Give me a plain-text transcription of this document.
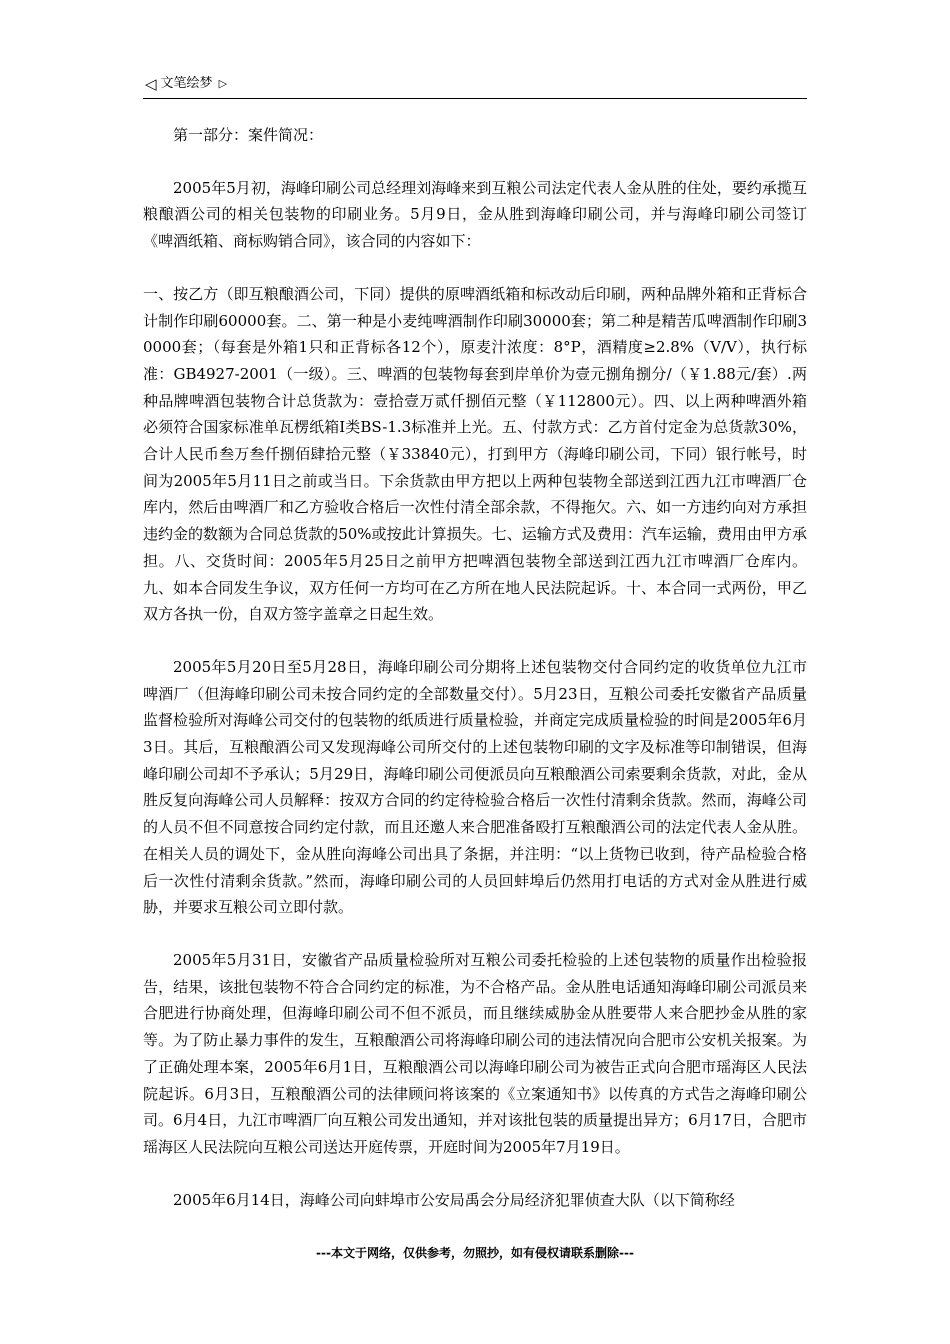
◁ 文笔绘梦 ▷

第一部分：案件简况：

2005年5月初，海峰印刷公司总经理刘海峰来到互粮公司法定代表人金从胜的住处，要约承揽互粮酿酒公司的相关包装物的印刷业务。5月9日，金从胜到海峰印刷公司，并与海峰印刷公司签订《啤酒纸箱、商标购销合同》，该合同的内容如下：

一、按乙方（即互粮酿酒公司，下同）提供的原啤酒纸箱和标改动后印刷，两种品牌外箱和正背标合计制作印刷60000套。二、第一种是小麦纯啤酒制作印刷30000套；第二种是精苦瓜啤酒制作印刷30000套；（每套是外箱1只和正背标各12个），原麦汁浓度：8°P，酒精度≥2.8%（V/V），执行标准：GB4927-2001（一级）。三、啤酒的包装物每套到岸单价为壹元捌角捌分/（￥1.88元/套）.两种品牌啤酒包装物合计总货款为：壹拾壹万贰仟捌佰元整（￥112800元）。四、以上两种啤酒外箱必须符合国家标准单瓦楞纸箱Ⅰ类BS-1.3标准并上光。五、付款方式：乙方首付定金为总货款30%，合计人民币叁万叁仟捌佰肆拾元整（￥33840元），打到甲方（海峰印刷公司，下同）银行帐号，时间为2005年5月11日之前或当日。下余货款由甲方把以上两种包装物全部送到江西九江市啤酒厂仓库内，然后由啤酒厂和乙方验收合格后一次性付清全部余款，不得拖欠。六、如一方违约向对方承担违约金的数额为合同总货款的50%或按此计算损失。七、运输方式及费用：汽车运输，费用由甲方承担。八、交货时间：2005年5月25日之前甲方把啤酒包装物全部送到江西九江市啤酒厂仓库内。九、如本合同发生争议，双方任何一方均可在乙方所在地人民法院起诉。十、本合同一式两份，甲乙双方各执一份，自双方签字盖章之日起生效。

2005年5月20日至5月28日，海峰印刷公司分期将上述包装物交付合同约定的收货单位九江市啤酒厂（但海峰印刷公司未按合同约定的全部数量交付）。5月23日，互粮公司委托安徽省产品质量监督检验所对海峰公司交付的包装物的纸质进行质量检验，并商定完成质量检验的时间是2005年6月3日。其后，互粮酿酒公司又发现海峰公司所交付的上述包装物印刷的文字及标准等印制错误，但海峰印刷公司却不予承认；5月29日，海峰印刷公司便派员向互粮酿酒公司索要剩余货款，对此，金从胜反复向海峰公司人员解释：按双方合同的约定待检验合格后一次性付清剩余货款。然而，海峰公司的人员不但不同意按合同约定付款，而且还邀人来合肥准备殴打互粮酿酒公司的法定代表人金从胜。在相关人员的调处下，金从胜向海峰公司出具了条据，并注明：“以上货物已收到，待产品检验合格后一次性付清剩余货款。”然而，海峰印刷公司的人员回蚌埠后仍然用打电话的方式对金从胜进行威胁，并要求互粮公司立即付款。

2005年5月31日，安徽省产品质量检验所对互粮公司委托检验的上述包装物的质量作出检验报告，结果，该批包装物不符合合同约定的标准，为不合格产品。金从胜电话通知海峰印刷公司派员来合肥进行协商处理，但海峰印刷公司不但不派员，而且继续威胁金从胜要带人来合肥抄金从胜的家等。为了防止暴力事件的发生，互粮酿酒公司将海峰印刷公司的违法情况向合肥市公安机关报案。为了正确处理本案，2005年6月1日，互粮酿酒公司以海峰印刷公司为被告正式向合肥市瑶海区人民法院起诉。6月3日，互粮酿酒公司的法律顾问将该案的《立案通知书》以传真的方式告之海峰印刷公司。6月4日，九江市啤酒厂向互粮公司发出通知，并对该批包装的质量提出异方；6月17日，合肥市瑶海区人民法院向互粮公司送达开庭传票，开庭时间为2005年7月19日。

2005年6月14日，海峰公司向蚌埠市公安局禹会分局经济犯罪侦查大队（以下简称经

---本文于网络，仅供参考，勿照抄，如有侵权请联系删除---
